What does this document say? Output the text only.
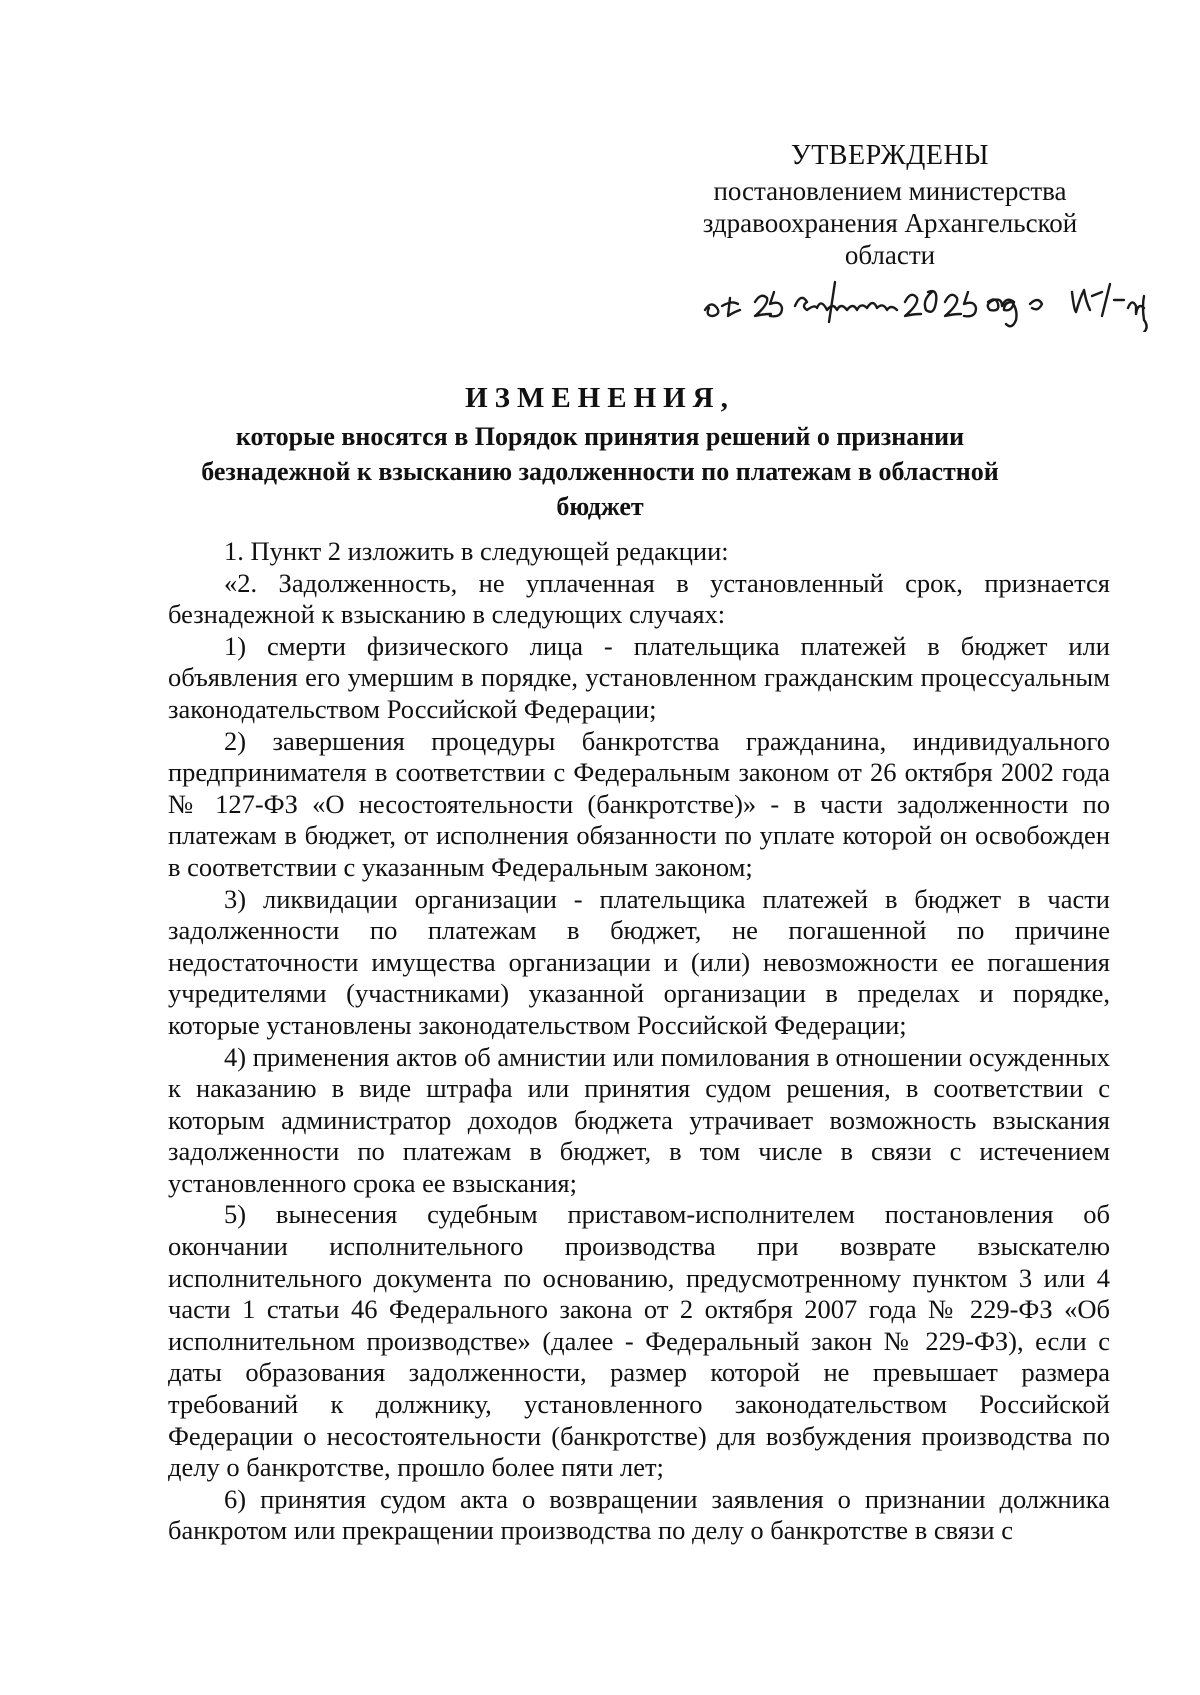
УТВЕРЖДЕНЫ
постановлением министерства
здравоохранения Архангельской
области
ИЗМЕНЕНИЯ,
которые вносятся в Порядок принятия решений о признании
безнадежной к взысканию задолженности по платежам в областной
бюджет

1. Пункт 2 изложить в следующей редакции:

«2. Задолженность, не уплаченная в установленный срок, признается безнадежной к взысканию в следующих случаях:

1) смерти физического лица - плательщика платежей в бюджет или объявления его умершим в порядке, установленном гражданским процессуальным законодательством Российской Федерации;

2) завершения процедуры банкротства гражданина, индивидуального предпринимателя в соответствии с Федеральным законом от 26 октября 2002 года № 127-ФЗ «О несостоятельности (банкротстве)» - в части задолженности по платежам в бюджет, от исполнения обязанности по уплате которой он освобожден в соответствии с указанным Федеральным законом;

3) ликвидации организации - плательщика платежей в бюджет в части задолженности по платежам в бюджет, не погашенной по причине недостаточности имущества организации и (или) невозможности ее погашения учредителями (участниками) указанной организации в пределах и порядке, которые установлены законодательством Российской Федерации;

4) применения актов об амнистии или помилования в отношении осужденных к наказанию в виде штрафа или принятия судом решения, в соответствии с которым администратор доходов бюджета утрачивает возможность взыскания задолженности по платежам в бюджет, в том числе в связи с истечением установленного срока ее взыскания;

5) вынесения судебным приставом-исполнителем постановления об окончании исполнительного производства при возврате взыскателю исполнительного документа по основанию, предусмотренному пунктом 3 или 4 части 1 статьи 46 Федерального закона от 2 октября 2007 года № 229-ФЗ «Об исполнительном производстве» (далее - Федеральный закон № 229-ФЗ), если с даты образования задолженности, размер которой не превышает размера требований к должнику, установленного законодательством Российской Федерации о несостоятельности (банкротстве) для возбуждения производства по делу о банкротстве, прошло более пяти лет;

6) принятия судом акта о возвращении заявления о признании должника банкротом или прекращении производства по делу о банкротстве в связи с
